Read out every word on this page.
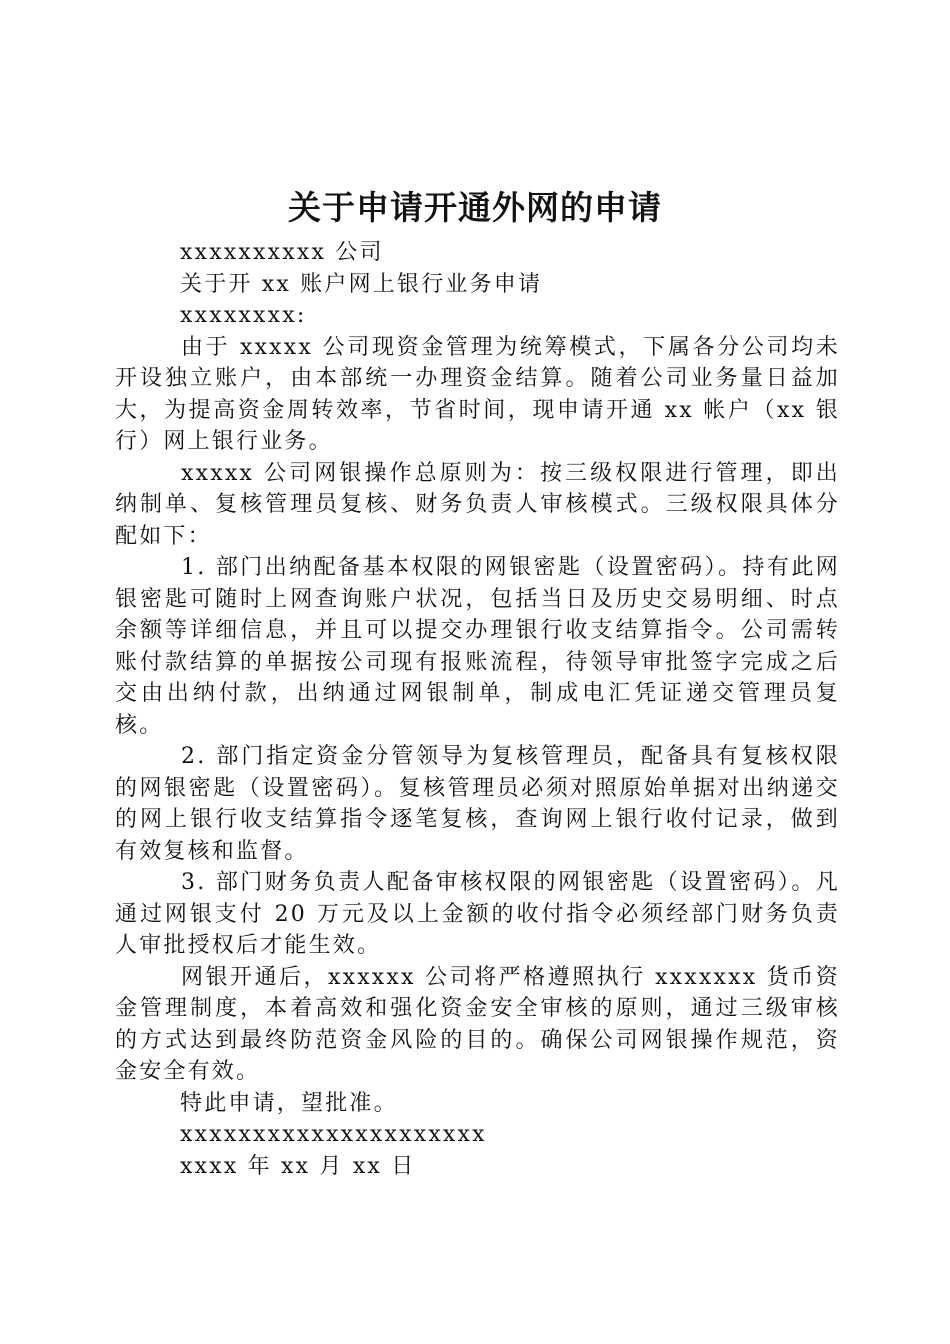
关于申请开通外网的申请

xxxxxxxxxx 公司

关于开 xx 账户网上银行业务申请

xxxxxxxx:

由于 xxxxx 公司现资金管理为统筹模式，下属各分公司均未开设独立账户，由本部统一办理资金结算。随着公司业务量日益加大，为提高资金周转效率，节省时间，现申请开通 xx 帐户（xx 银行）网上银行业务。

xxxxx 公司网银操作总原则为：按三级权限进行管理，即出纳制单、复核管理员复核、财务负责人审核模式。三级权限具体分配如下：

1. 部门出纳配备基本权限的网银密匙（设置密码）。持有此网银密匙可随时上网查询账户状况，包括当日及历史交易明细、时点余额等详细信息，并且可以提交办理银行收支结算指令。公司需转账付款结算的单据按公司现有报账流程，待领导审批签字完成之后交由出纳付款，出纳通过网银制单，制成电汇凭证递交管理员复核。

2. 部门指定资金分管领导为复核管理员，配备具有复核权限的网银密匙（设置密码）。复核管理员必须对照原始单据对出纳递交的网上银行收支结算指令逐笔复核，查询网上银行收付记录，做到有效复核和监督。

3. 部门财务负责人配备审核权限的网银密匙（设置密码）。凡通过网银支付 20 万元及以上金额的收付指令必须经部门财务负责人审批授权后才能生效。

网银开通后，xxxxxx 公司将严格遵照执行 xxxxxxx 货币资金管理制度，本着高效和强化资金安全审核的原则，通过三级审核的方式达到最终防范资金风险的目的。确保公司网银操作规范，资金安全有效。

特此申请，望批准。

xxxxxxxxxxxxxxxxxxxxx

xxxx 年 xx 月 xx 日
